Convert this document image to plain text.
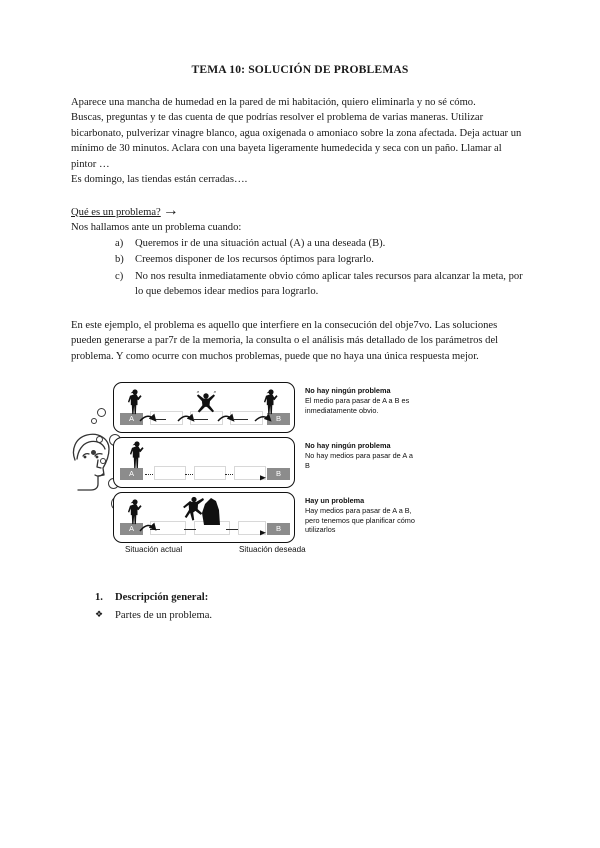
TEMA 10: SOLUCIÓN DE PROBLEMAS

Aparece una mancha de humedad en la pared de mi habitación, quiero eliminarla y no sé cómo.

Buscas, preguntas y te das cuenta de que podrías resolver el problema de varias maneras. Utilizar bicarbonato, pulverizar vinagre blanco, agua oxigenada o amoniaco sobre la zona afectada. Deja actuar un mínimo de 30 minutos. Aclara con una bayeta ligeramente humedecida y seca con un paño. Llamar al pintor …

Es domingo, las tiendas están cerradas….

Qué es un problema? →

Nos hallamos ante un problema cuando:

a) Queremos ir de una situación actual (A) a una deseada (B).
b) Creemos disponer de los recursos óptimos para lograrlo.
c) No nos resulta inmediatamente obvio cómo aplicar tales recursos para alcanzar la meta, por lo que debemos idear medios para lograrlo.

En este ejemplo, el problema es aquello que interfiere en la consecución del obje7vo. Las soluciones pueden generarse a par7r de la memoria, la consulta o el análisis más detallado de los parámetros del problema. Y como ocurre con muchos problemas, puede que no haya una única respuesta mejor.

A	B
No hay ningún problema
El medio para pasar de A a B es inmediatamente obvio.
A	B
No hay ningún problema
No hay medios para pasar de A a B
A	B
Hay un problema
Hay medios para pasar de A a B, pero tenemos que planificar cómo utilizarlos
Situación actual	Situación deseada
1. Descripción general:
❖ Partes de un problema.
